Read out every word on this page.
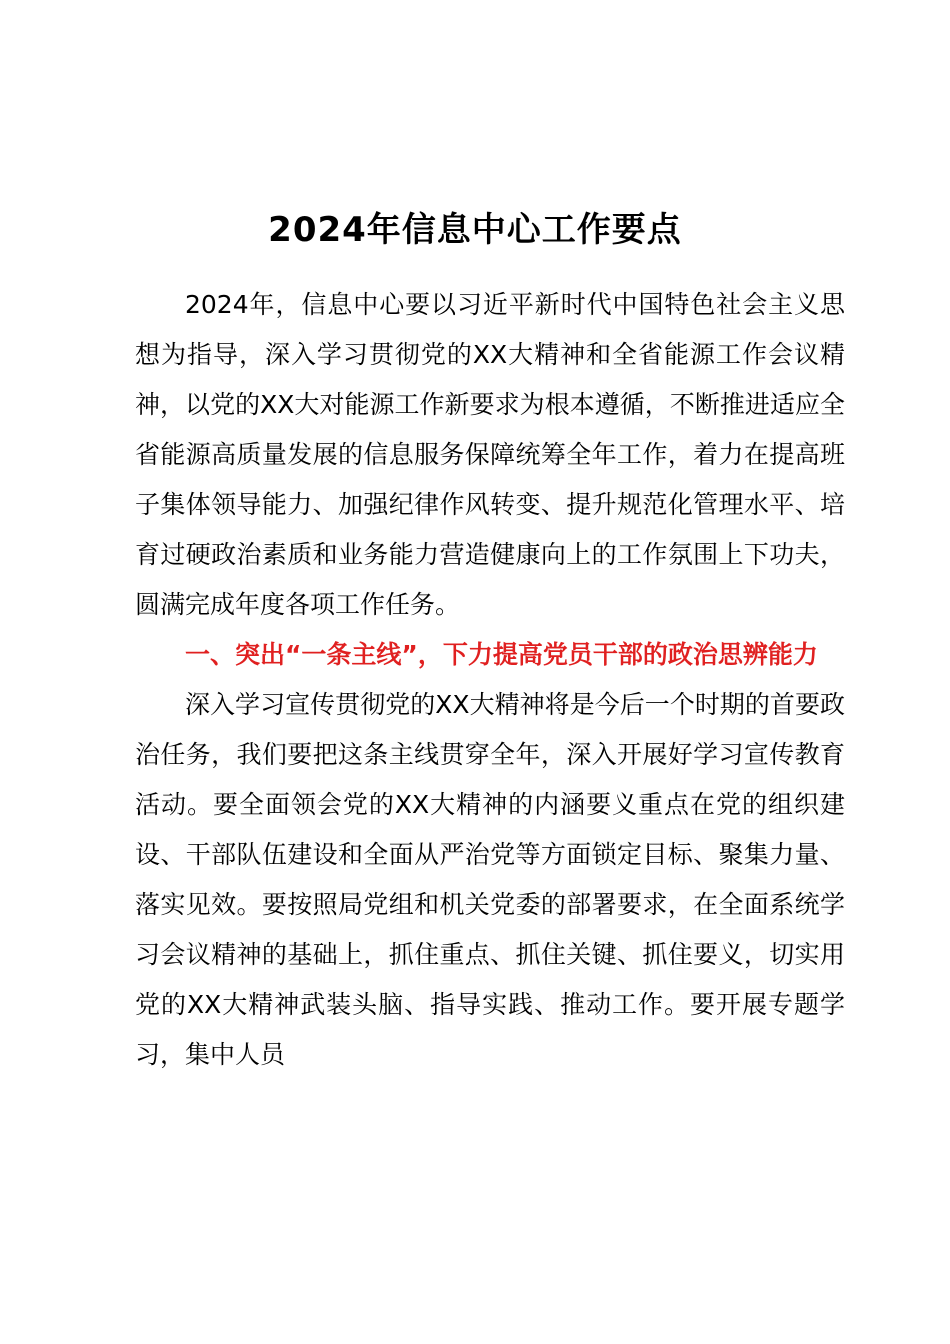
2024年信息中心工作要点

2024年，信息中心要以习近平新时代中国特色社会主义思想为指导，深入学习贯彻党的XX大精神和全省能源工作会议精神，以党的XX大对能源工作新要求为根本遵循，不断推进适应全省能源高质量发展的信息服务保障统筹全年工作，着力在提高班子集体领导能力、加强纪律作风转变、提升规范化管理水平、培育过硬政治素质和业务能力营造健康向上的工作氛围上下功夫，圆满完成年度各项工作任务。

一、突出“一条主线”，下力提高党员干部的政治思辨能力

深入学习宣传贯彻党的XX大精神将是今后一个时期的首要政治任务，我们要把这条主线贯穿全年，深入开展好学习宣传教育活动。要全面领会党的XX大精神的内涵要义重点在党的组织建设、干部队伍建设和全面从严治党等方面锁定目标、聚集力量、落实见效。要按照局党组和机关党委的部署要求，在全面系统学习会议精神的基础上，抓住重点、抓住关键、抓住要义，切实用党的XX大精神武装头脑、指导实践、推动工作。要开展专题学习，集中人员
